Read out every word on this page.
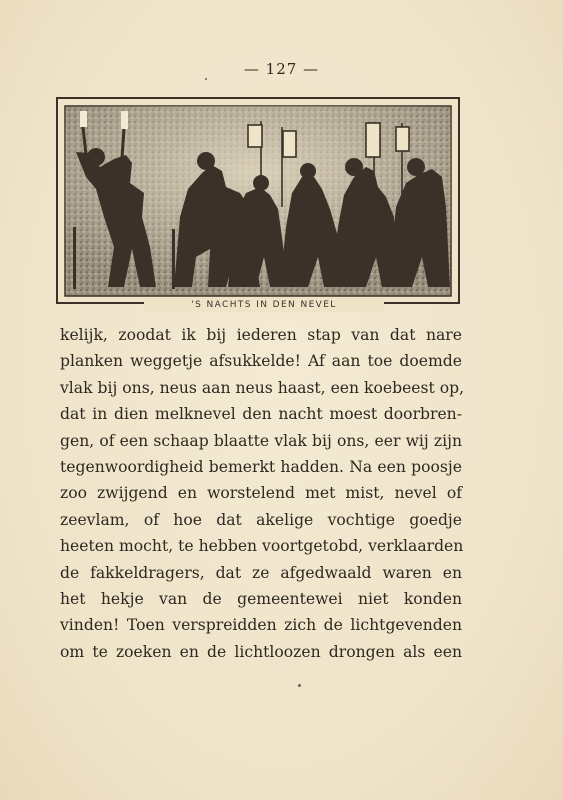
— 127 —
'S NACHTS IN DEN NEVEL
kelijk, zoodat ik bij iederen stap van dat nare
planken weggetje afsukkelde! Af aan toe doemde
vlak bij ons, neus aan neus haast, een koebeest op,
dat in dien melknevel den nacht moest doorbren-
gen, of een schaap blaatte vlak bij ons, eer wij zijn
tegenwoordigheid bemerkt hadden. Na een poosje
zoo zwijgend en worstelend met mist, nevel of
zeevlam, of hoe dat akelige vochtige goedje
heeten mocht, te hebben voortgetobd, verklaarden
de fakkeldragers, dat ze afgedwaald waren en
het hekje van de gemeentewei niet konden
vinden! Toen verspreidden zich de lichtgevenden
om te zoeken en de lichtloozen drongen als een
